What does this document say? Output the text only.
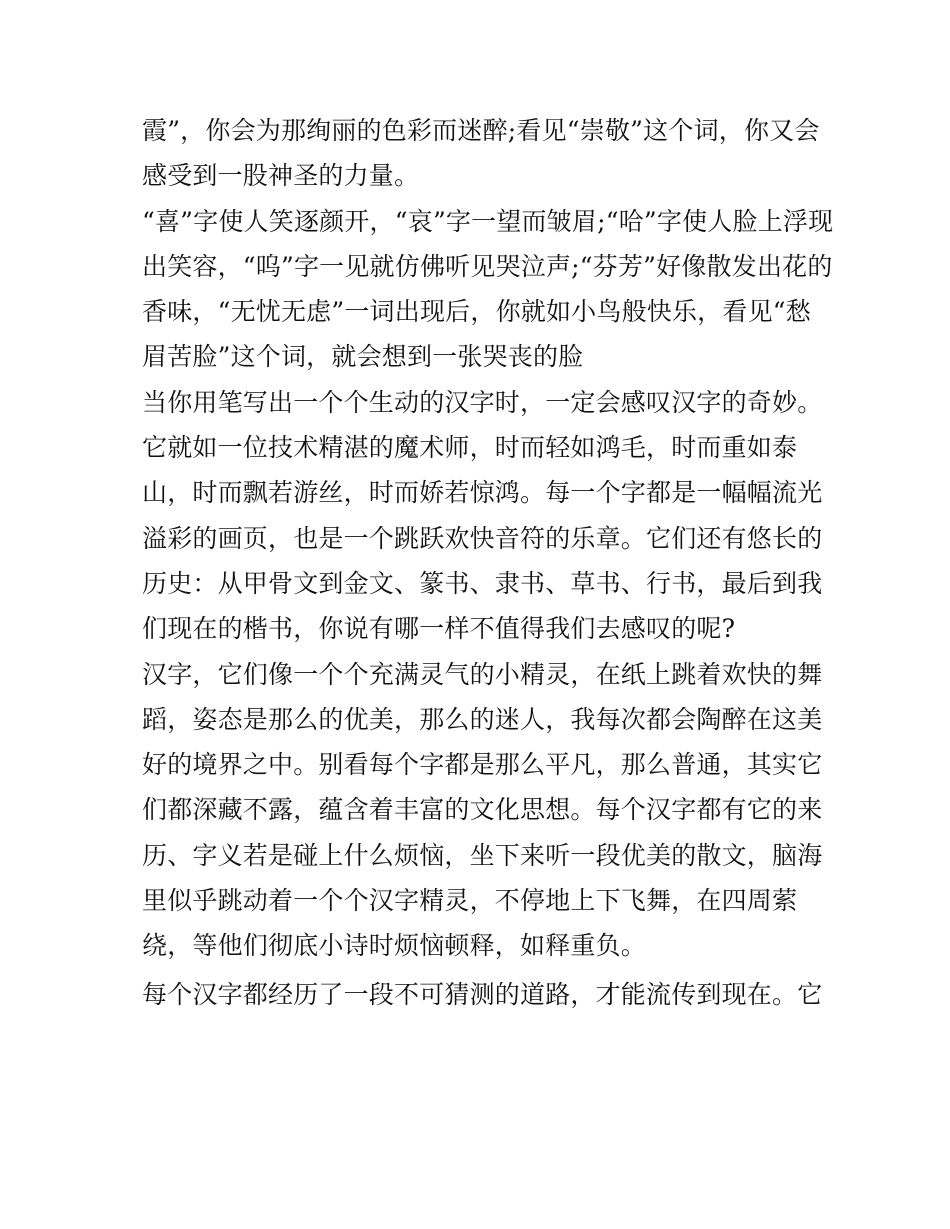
霞”，你会为那绚丽的色彩而迷醉;看见“崇敬”这个词，你又会
感受到一股神圣的力量。
“喜”字使人笑逐颜开，“哀”字一望而皱眉;“哈”字使人脸上浮现
出笑容，“呜”字一见就仿佛听见哭泣声;“芬芳”好像散发出花的
香味，“无忧无虑”一词出现后，你就如小鸟般快乐，看见“愁
眉苦脸”这个词，就会想到一张哭丧的脸
当你用笔写出一个个生动的汉字时，一定会感叹汉字的奇妙。
它就如一位技术精湛的魔术师，时而轻如鸿毛，时而重如泰
山，时而飘若游丝，时而娇若惊鸿。每一个字都是一幅幅流光
溢彩的画页，也是一个跳跃欢快音符的乐章。它们还有悠长的
历史：从甲骨文到金文、篆书、隶书、草书、行书，最后到我
们现在的楷书，你说有哪一样不值得我们去感叹的呢?
汉字，它们像一个个充满灵气的小精灵，在纸上跳着欢快的舞
蹈，姿态是那么的优美，那么的迷人，我每次都会陶醉在这美
好的境界之中。别看每个字都是那么平凡，那么普通，其实它
们都深藏不露，蕴含着丰富的文化思想。每个汉字都有它的来
历、字义若是碰上什么烦恼，坐下来听一段优美的散文，脑海
里似乎跳动着一个个汉字精灵，不停地上下飞舞，在四周萦
绕，等他们彻底小诗时烦恼顿释，如释重负。
每个汉字都经历了一段不可猜测的道路，才能流传到现在。它
